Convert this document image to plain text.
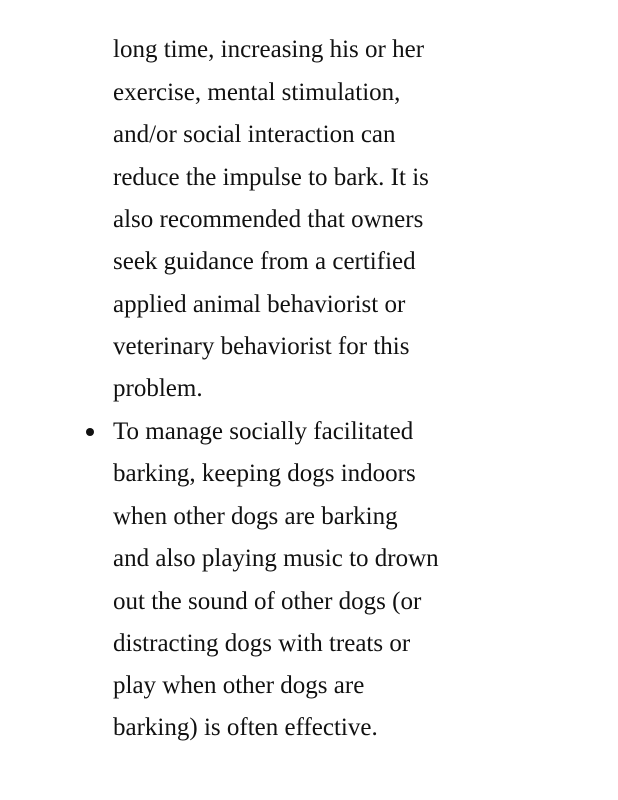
long time, increasing his or her

exercise, mental stimulation,

and/or social interaction can

reduce the impulse to bark. It is

also recommended that owners

seek guidance from a certified

applied animal behaviorist or

veterinary behaviorist for this

problem.

To manage socially facilitated

barking, keeping dogs indoors

when other dogs are barking

and also playing music to drown

out the sound of other dogs (or

distracting dogs with treats or

play when other dogs are

barking) is often effective.
